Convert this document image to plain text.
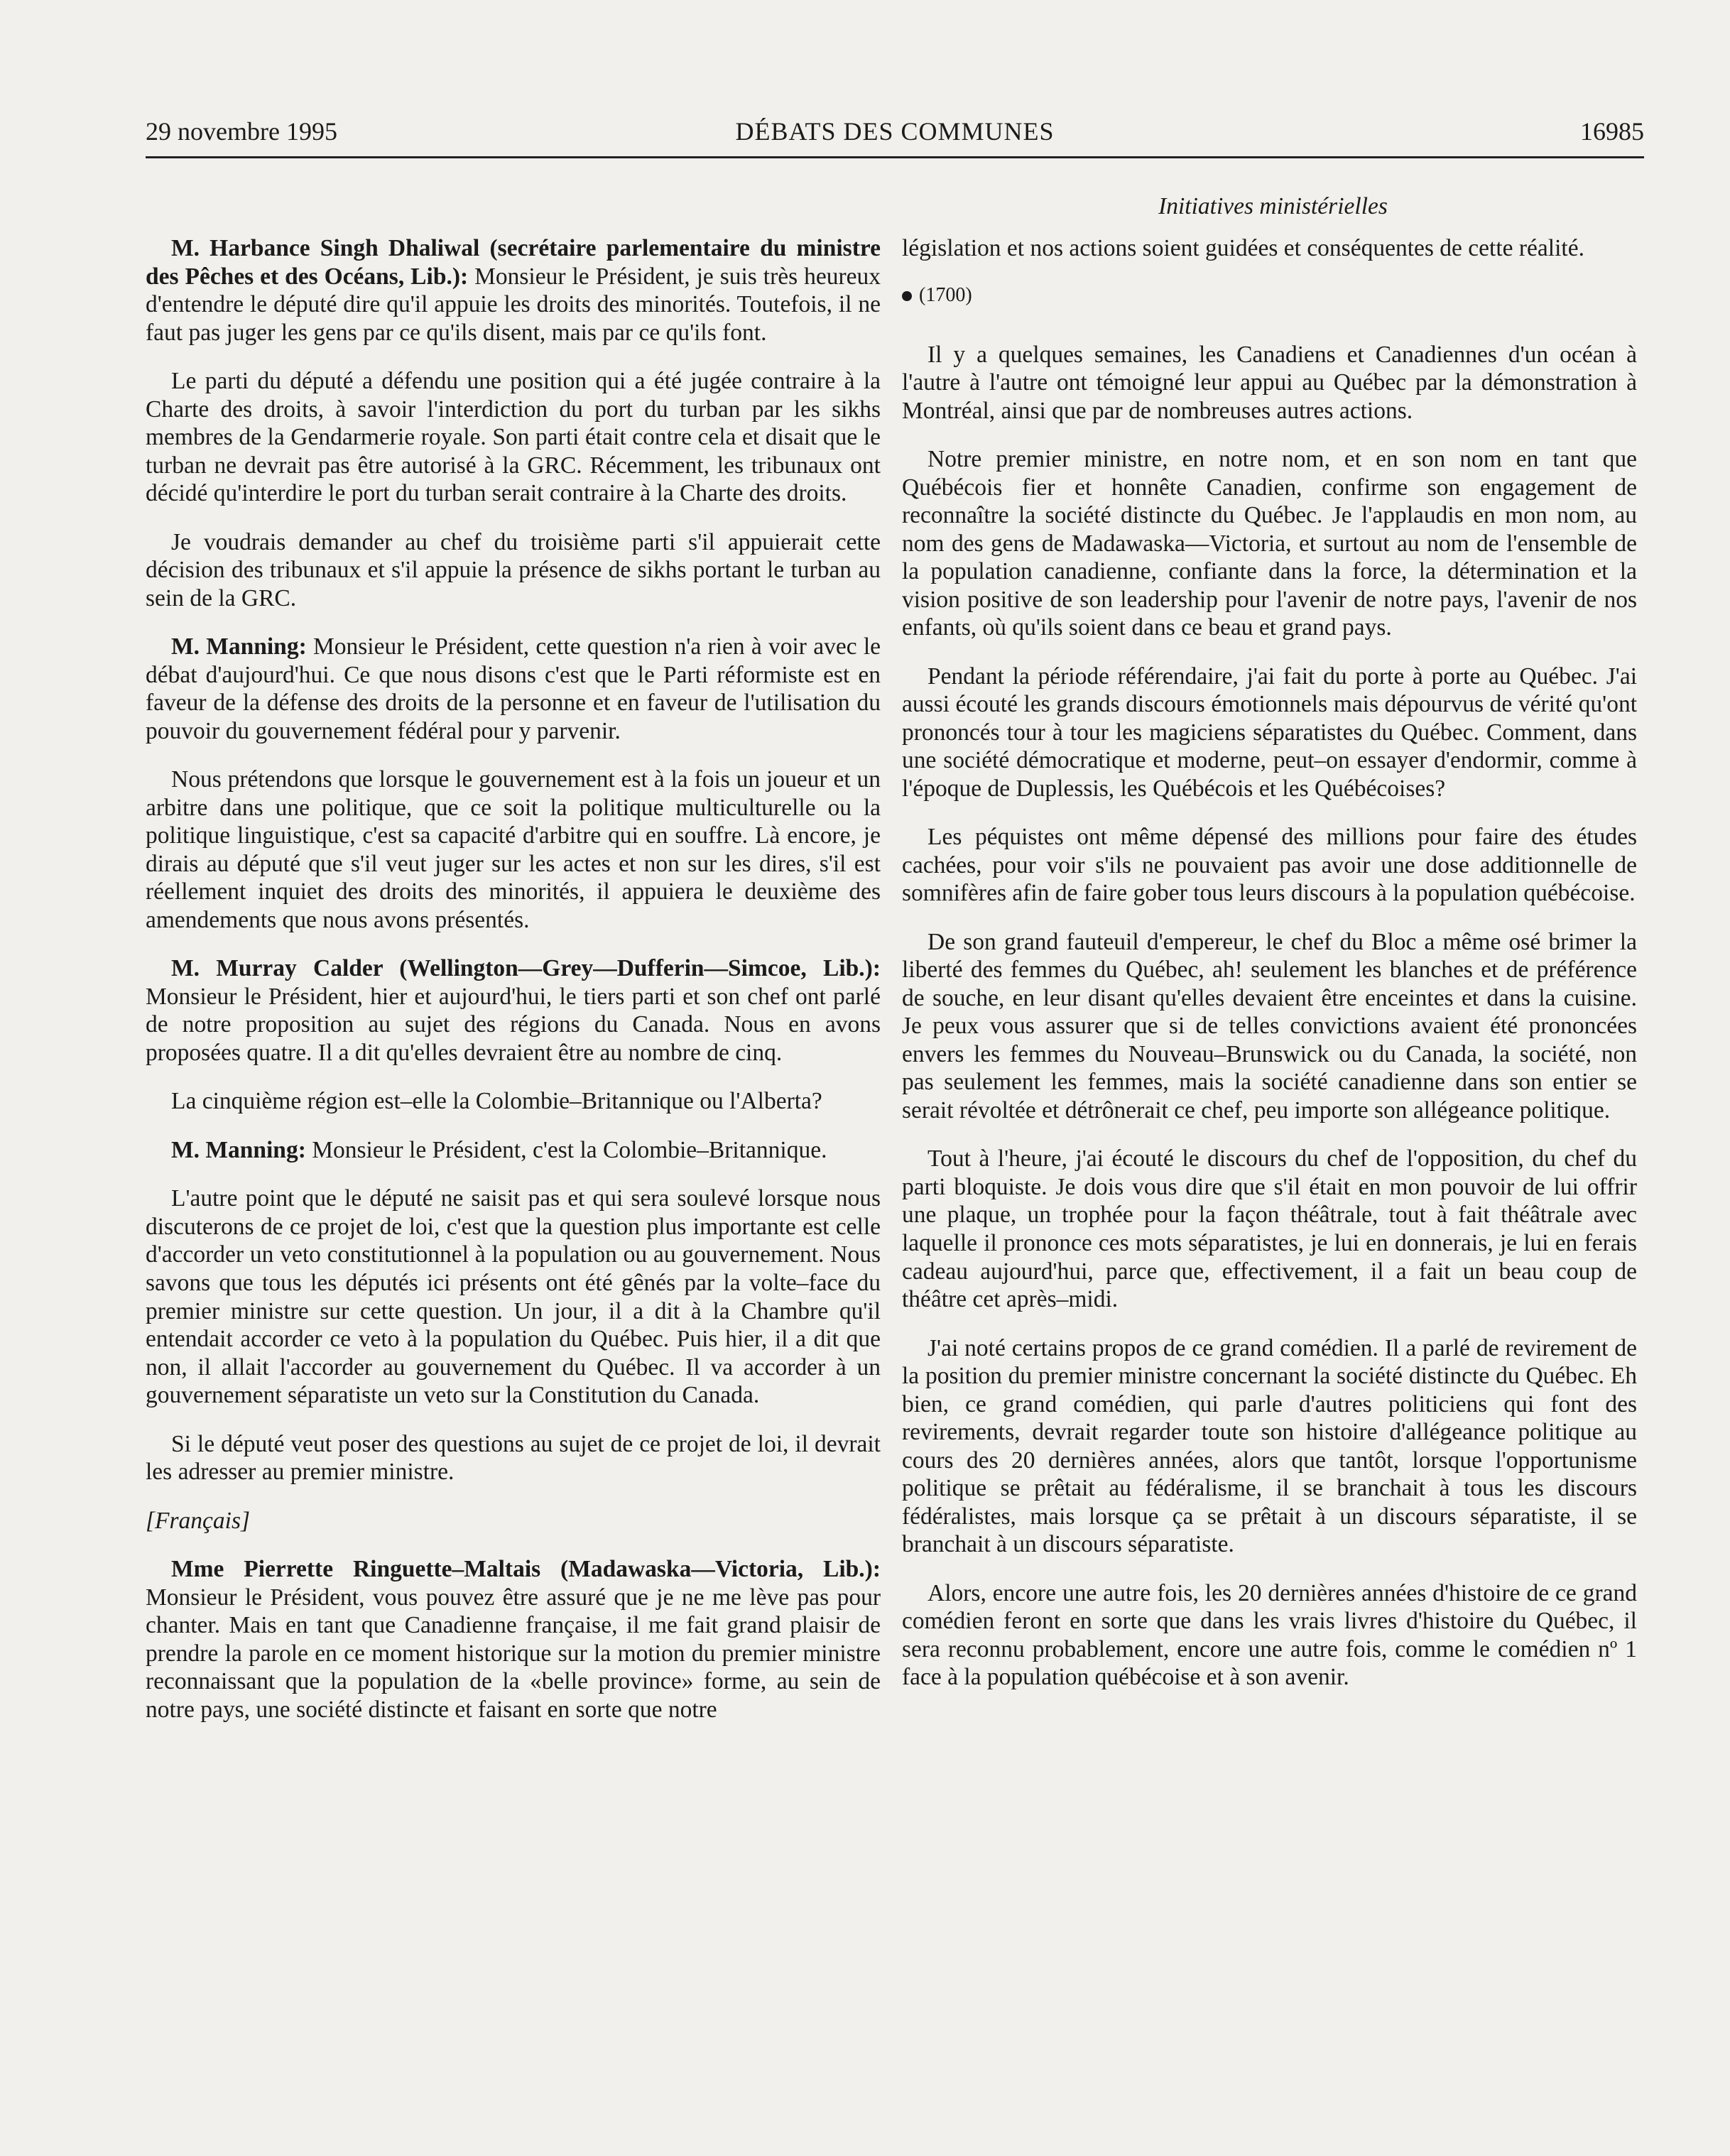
29 novembre 1995	DÉBATS DES COMMUNES	16985
Initiatives ministérielles

M. Harbance Singh Dhaliwal (secrétaire parlementaire du ministre des Pêches et des Océans, Lib.): Monsieur le Président, je suis très heureux d'entendre le député dire qu'il appuie les droits des minorités. Toutefois, il ne faut pas juger les gens par ce qu'ils disent, mais par ce qu'ils font.

Le parti du député a défendu une position qui a été jugée contraire à la Charte des droits, à savoir l'interdiction du port du turban par les sikhs membres de la Gendarmerie royale. Son parti était contre cela et disait que le turban ne devrait pas être autorisé à la GRC. Récemment, les tribunaux ont décidé qu'interdire le port du turban serait contraire à la Charte des droits.

Je voudrais demander au chef du troisième parti s'il appuierait cette décision des tribunaux et s'il appuie la présence de sikhs portant le turban au sein de la GRC.

M. Manning: Monsieur le Président, cette question n'a rien à voir avec le débat d'aujourd'hui. Ce que nous disons c'est que le Parti réformiste est en faveur de la défense des droits de la personne et en faveur de l'utilisation du pouvoir du gouvernement fédéral pour y parvenir.

Nous prétendons que lorsque le gouvernement est à la fois un joueur et un arbitre dans une politique, que ce soit la politique multiculturelle ou la politique linguistique, c'est sa capacité d'arbitre qui en souffre. Là encore, je dirais au député que s'il veut juger sur les actes et non sur les dires, s'il est réellement inquiet des droits des minorités, il appuiera le deuxième des amendements que nous avons présentés.

M. Murray Calder (Wellington—Grey—Dufferin—Simcoe, Lib.): Monsieur le Président, hier et aujourd'hui, le tiers parti et son chef ont parlé de notre proposition au sujet des régions du Canada. Nous en avons proposées quatre. Il a dit qu'elles devraient être au nombre de cinq.

La cinquième région est–elle la Colombie–Britannique ou l'Alberta?

M. Manning: Monsieur le Président, c'est la Colombie–Britannique.

L'autre point que le député ne saisit pas et qui sera soulevé lorsque nous discuterons de ce projet de loi, c'est que la question plus importante est celle d'accorder un veto constitutionnel à la population ou au gouvernement. Nous savons que tous les députés ici présents ont été gênés par la volte–face du premier ministre sur cette question. Un jour, il a dit à la Chambre qu'il entendait accorder ce veto à la population du Québec. Puis hier, il a dit que non, il allait l'accorder au gouvernement du Québec. Il va accorder à un gouvernement séparatiste un veto sur la Constitution du Canada.

Si le député veut poser des questions au sujet de ce projet de loi, il devrait les adresser au premier ministre.

[Français]

Mme Pierrette Ringuette–Maltais (Madawaska—Victoria, Lib.): Monsieur le Président, vous pouvez être assuré que je ne me lève pas pour chanter. Mais en tant que Canadienne française, il me fait grand plaisir de prendre la parole en ce moment historique sur la motion du premier ministre reconnaissant que la population de la «belle province» forme, au sein de notre pays, une société distincte et faisant en sorte que notre

législation et nos actions soient guidées et conséquentes de cette réalité.

(1700)

Il y a quelques semaines, les Canadiens et Canadiennes d'un océan à l'autre à l'autre ont témoigné leur appui au Québec par la démonstration à Montréal, ainsi que par de nombreuses autres actions.

Notre premier ministre, en notre nom, et en son nom en tant que Québécois fier et honnête Canadien, confirme son engagement de reconnaître la société distincte du Québec. Je l'applaudis en mon nom, au nom des gens de Madawaska—Victoria, et surtout au nom de l'ensemble de la population canadienne, confiante dans la force, la détermination et la vision positive de son leadership pour l'avenir de notre pays, l'avenir de nos enfants, où qu'ils soient dans ce beau et grand pays.

Pendant la période référendaire, j'ai fait du porte à porte au Québec. J'ai aussi écouté les grands discours émotionnels mais dépourvus de vérité qu'ont prononcés tour à tour les magiciens séparatistes du Québec. Comment, dans une société démocratique et moderne, peut–on essayer d'endormir, comme à l'époque de Duplessis, les Québécois et les Québécoises?

Les péquistes ont même dépensé des millions pour faire des études cachées, pour voir s'ils ne pouvaient pas avoir une dose additionnelle de somnifères afin de faire gober tous leurs discours à la population québécoise.

De son grand fauteuil d'empereur, le chef du Bloc a même osé brimer la liberté des femmes du Québec, ah! seulement les blanches et de préférence de souche, en leur disant qu'elles devaient être enceintes et dans la cuisine. Je peux vous assurer que si de telles convictions avaient été prononcées envers les femmes du Nouveau–Brunswick ou du Canada, la société, non pas seulement les femmes, mais la société canadienne dans son entier se serait révoltée et détrônerait ce chef, peu importe son allégeance politique.

Tout à l'heure, j'ai écouté le discours du chef de l'opposition, du chef du parti bloquiste. Je dois vous dire que s'il était en mon pouvoir de lui offrir une plaque, un trophée pour la façon théâtrale, tout à fait théâtrale avec laquelle il prononce ces mots séparatistes, je lui en donnerais, je lui en ferais cadeau aujourd'hui, parce que, effectivement, il a fait un beau coup de théâtre cet après–midi.

J'ai noté certains propos de ce grand comédien. Il a parlé de revirement de la position du premier ministre concernant la société distincte du Québec. Eh bien, ce grand comédien, qui parle d'autres politiciens qui font des revirements, devrait regarder toute son histoire d'allégeance politique au cours des 20 dernières années, alors que tantôt, lorsque l'opportunisme politique se prêtait au fédéralisme, il se branchait à tous les discours fédéralistes, mais lorsque ça se prêtait à un discours séparatiste, il se branchait à un discours séparatiste.

Alors, encore une autre fois, les 20 dernières années d'histoire de ce grand comédien feront en sorte que dans les vrais livres d'histoire du Québec, il sera reconnu probablement, encore une autre fois, comme le comédien nº 1 face à la population québécoise et à son avenir.
